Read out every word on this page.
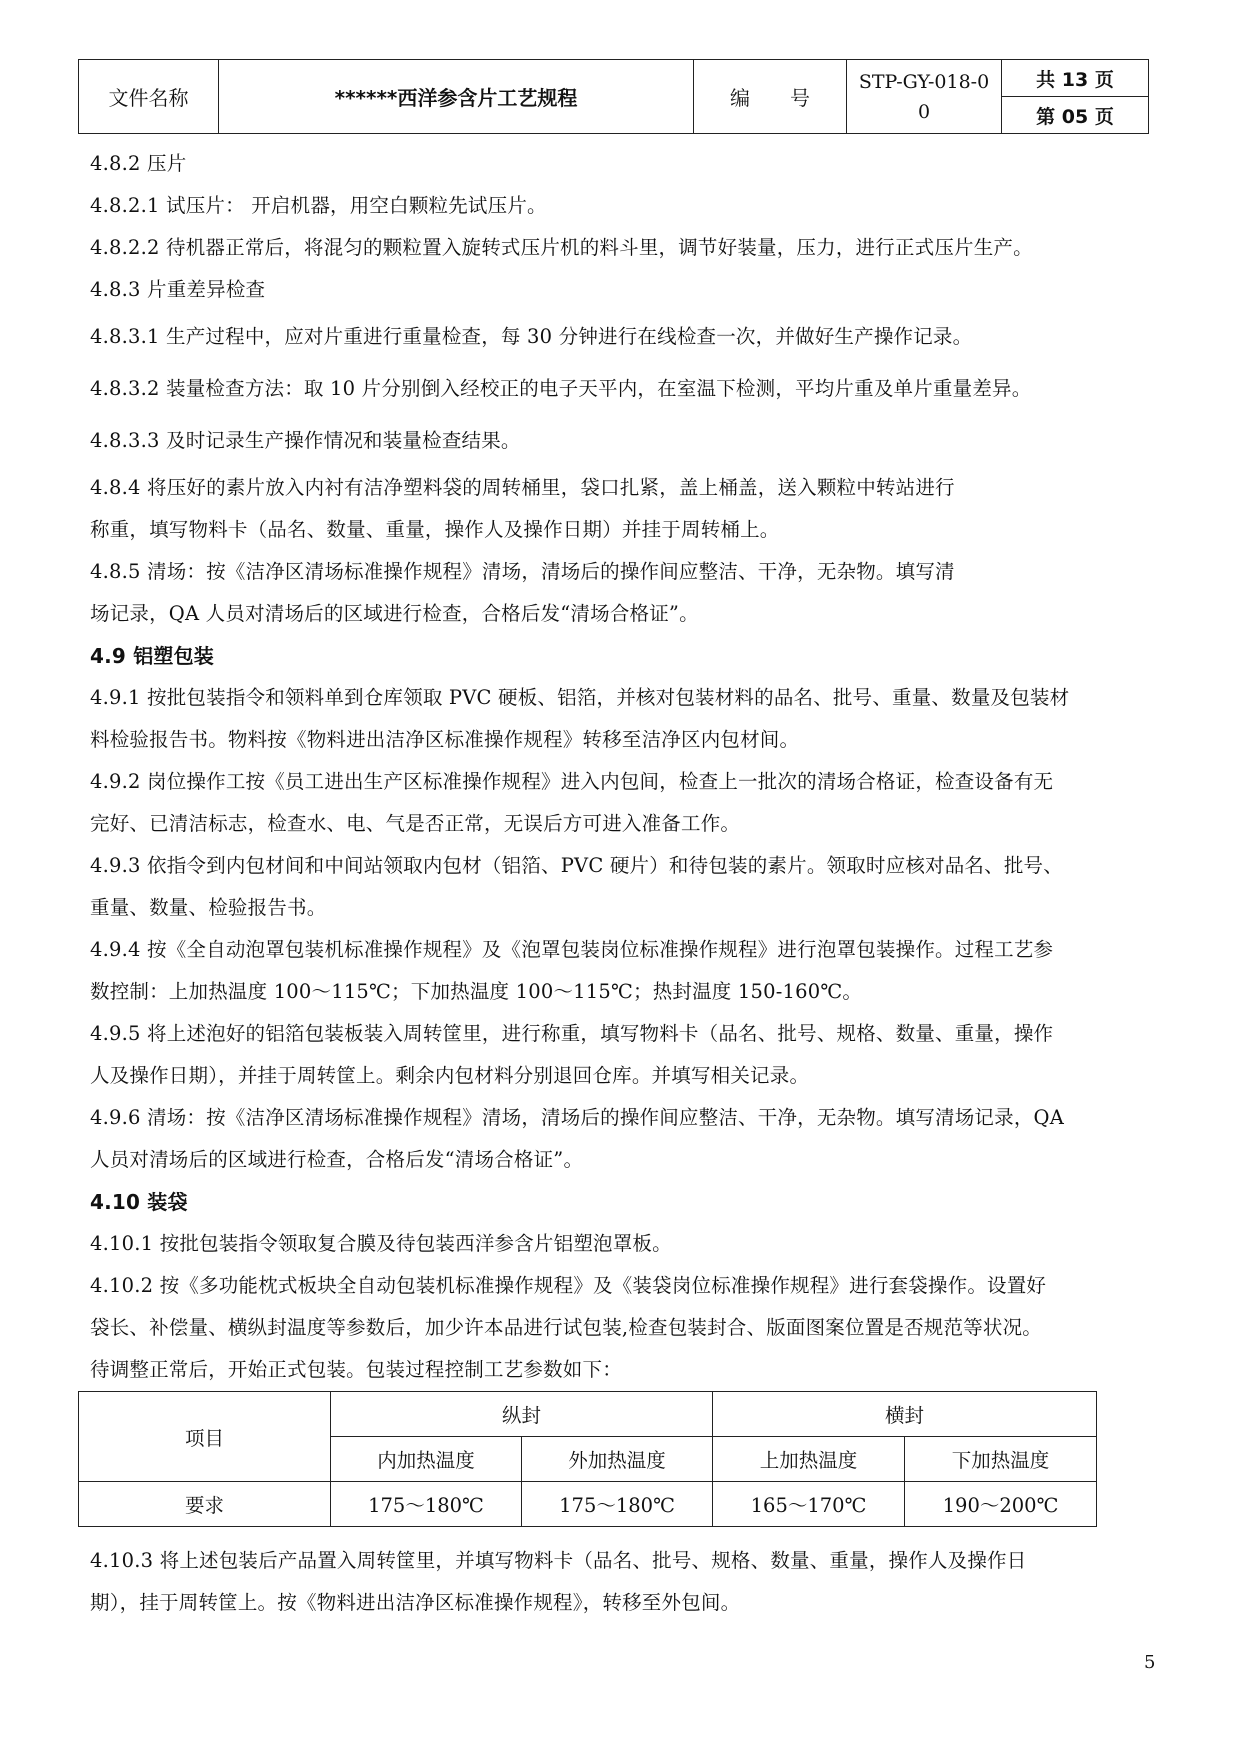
文件名称	******西洋参含片工艺规程	编　　号	STP-GY-018-00	共 13 页
第 05 页
4.8.2 压片
4.8.2.1 试压片： 开启机器，用空白颗粒先试压片。
4.8.2.2 待机器正常后，将混匀的颗粒置入旋转式压片机的料斗里，调节好装量，压力，进行正式压片生产。
4.8.3 片重差异检查
4.8.3.1 生产过程中，应对片重进行重量检查，每 30 分钟进行在线检查一次，并做好生产操作记录。
4.8.3.2 装量检查方法：取 10 片分别倒入经校正的电子天平内，在室温下检测，平均片重及单片重量差异。
4.8.3.3 及时记录生产操作情况和装量检查结果。
4.8.4 将压好的素片放入内衬有洁净塑料袋的周转桶里，袋口扎紧，盖上桶盖，送入颗粒中转站进行
称重，填写物料卡（品名、数量、重量，操作人及操作日期）并挂于周转桶上。
4.8.5 清场：按《洁净区清场标准操作规程》清场，清场后的操作间应整洁、干净，无杂物。填写清
场记录，QA 人员对清场后的区域进行检查，合格后发“清场合格证”。
4.9 铝塑包装
4.9.1 按批包装指令和领料单到仓库领取 PVC 硬板、铝箔，并核对包装材料的品名、批号、重量、数量及包装材
料检验报告书。物料按《物料进出洁净区标准操作规程》转移至洁净区内包材间。
4.9.2 岗位操作工按《员工进出生产区标准操作规程》进入内包间，检查上一批次的清场合格证，检查设备有无
完好、已清洁标志，检查水、电、气是否正常，无误后方可进入准备工作。
4.9.3 依指令到内包材间和中间站领取内包材（铝箔、PVC 硬片）和待包装的素片。领取时应核对品名、批号、
重量、数量、检验报告书。
4.9.4 按《全自动泡罩包装机标准操作规程》及《泡罩包装岗位标准操作规程》进行泡罩包装操作。过程工艺参
数控制：上加热温度 100～115℃；下加热温度 100～115℃；热封温度 150-160℃。
4.9.5 将上述泡好的铝箔包装板装入周转筐里，进行称重，填写物料卡（品名、批号、规格、数量、重量，操作
人及操作日期），并挂于周转筐上。剩余内包材料分别退回仓库。并填写相关记录。
4.9.6 清场：按《洁净区清场标准操作规程》清场，清场后的操作间应整洁、干净，无杂物。填写清场记录，QA
人员对清场后的区域进行检查，合格后发“清场合格证”。
4.10 装袋
4.10.1 按批包装指令领取复合膜及待包装西洋参含片铝塑泡罩板。
4.10.2 按《多功能枕式板块全自动包装机标准操作规程》及《装袋岗位标准操作规程》进行套袋操作。设置好
袋长、补偿量、横纵封温度等参数后，加少许本品进行试包装,检查包装封合、版面图案位置是否规范等状况。
待调整正常后，开始正式包装。包装过程控制工艺参数如下：
项目	纵封		横封	
	内加热温度	外加热温度	上加热温度	下加热温度
要求	175～180℃	175～180℃	165～170℃	190～200℃
4.10.3 将上述包装后产品置入周转筐里，并填写物料卡（品名、批号、规格、数量、重量，操作人及操作日
期），挂于周转筐上。按《物料进出洁净区标准操作规程》，转移至外包间。
5
